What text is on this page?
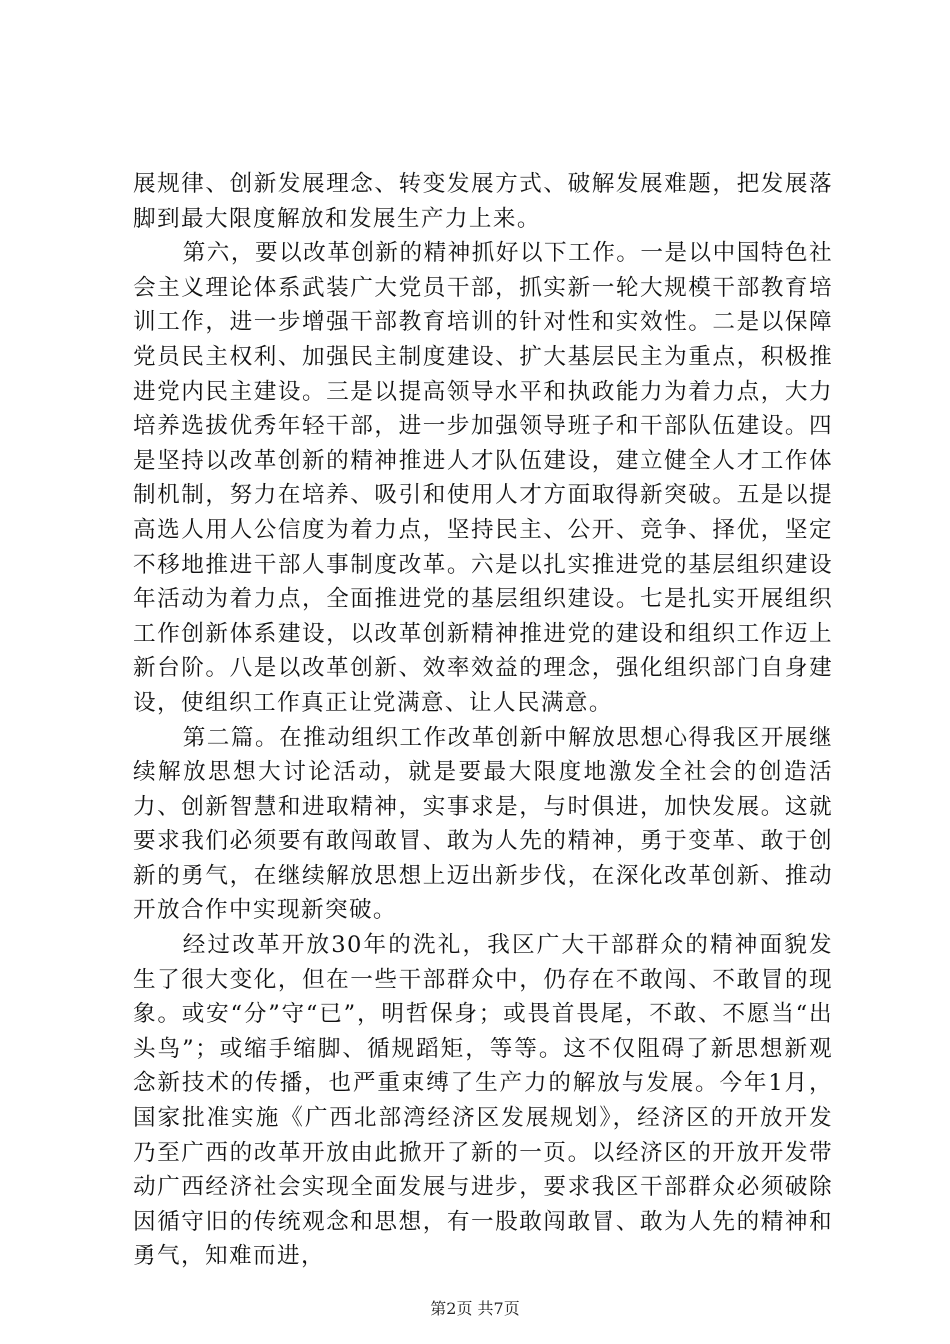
展规律、创新发展理念、转变发展方式、破解发展难题，把发展落脚到最大限度解放和发展生产力上来。

第六，要以改革创新的精神抓好以下工作。一是以中国特色社会主义理论体系武装广大党员干部，抓实新一轮大规模干部教育培训工作，进一步增强干部教育培训的针对性和实效性。二是以保障党员民主权利、加强民主制度建设、扩大基层民主为重点，积极推进党内民主建设。三是以提高领导水平和执政能力为着力点，大力培养选拔优秀年轻干部，进一步加强领导班子和干部队伍建设。四是坚持以改革创新的精神推进人才队伍建设，建立健全人才工作体制机制，努力在培养、吸引和使用人才方面取得新突破。五是以提高选人用人公信度为着力点，坚持民主、公开、竞争、择优，坚定不移地推进干部人事制度改革。六是以扎实推进党的基层组织建设年活动为着力点，全面推进党的基层组织建设。七是扎实开展组织工作创新体系建设，以改革创新精神推进党的建设和组织工作迈上新台阶。八是以改革创新、效率效益的理念，强化组织部门自身建设，使组织工作真正让党满意、让人民满意。

第二篇。在推动组织工作改革创新中解放思想心得我区开展继续解放思想大讨论活动，就是要最大限度地激发全社会的创造活力、创新智慧和进取精神，实事求是，与时俱进，加快发展。这就要求我们必须要有敢闯敢冒、敢为人先的精神，勇于变革、敢于创新的勇气，在继续解放思想上迈出新步伐，在深化改革创新、推动开放合作中实现新突破。

经过改革开放30年的洗礼，我区广大干部群众的精神面貌发生了很大变化，但在一些干部群众中，仍存在不敢闯、不敢冒的现象。或安“分”守“已”，明哲保身；或畏首畏尾，不敢、不愿当“出头鸟”；或缩手缩脚、循规蹈矩，等等。这不仅阻碍了新思想新观念新技术的传播，也严重束缚了生产力的解放与发展。今年1月，国家批准实施《广西北部湾经济区发展规划》，经济区的开放开发乃至广西的改革开放由此掀开了新的一页。以经济区的开放开发带动广西经济社会实现全面发展与进步，要求我区干部群众必须破除因循守旧的传统观念和思想，有一股敢闯敢冒、敢为人先的精神和勇气，知难而进，

第2页 共7页
